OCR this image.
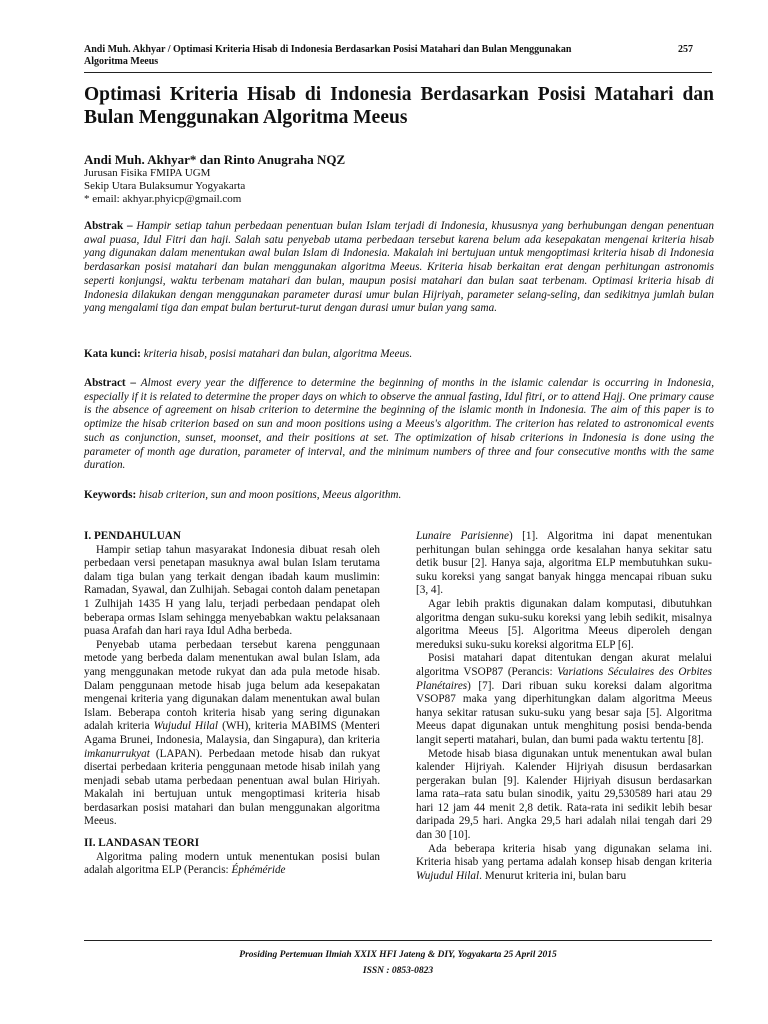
Andi Muh. Akhyar / Optimasi Kriteria Hisab di Indonesia Berdasarkan Posisi Matahari dan Bulan Menggunakan Algoritma Meeus
257
Optimasi Kriteria Hisab di Indonesia Berdasarkan Posisi Matahari dan Bulan Menggunakan Algoritma Meeus
Andi Muh. Akhyar* dan Rinto Anugraha NQZ
Jurusan Fisika FMIPA UGM
Sekip Utara Bulaksumur Yogyakarta
* email: akhyar.phyicp@gmail.com
Abstrak – Hampir setiap tahun perbedaan penentuan bulan Islam terjadi di Indonesia, khususnya yang berhubungan dengan penentuan awal puasa, Idul Fitri dan haji. Salah satu penyebab utama perbedaan tersebut karena belum ada kesepakatan mengenai kriteria hisab yang digunakan dalam menentukan awal bulan Islam di Indonesia. Makalah ini bertujuan untuk mengoptimasi kriteria hisab di Indonesia berdasarkan posisi matahari dan bulan menggunakan algoritma Meeus. Kriteria hisab berkaitan erat dengan perhitungan astronomis seperti konjungsi, waktu terbenam matahari dan bulan, maupun posisi matahari dan bulan saat terbenam. Optimasi kriteria hisab di Indonesia dilakukan dengan menggunakan parameter durasi umur bulan Hijriyah, parameter selang-seling, dan sedikitnya jumlah bulan yang mengalami tiga dan empat bulan berturut-turut dengan durasi umur bulan yang sama.
Kata kunci: kriteria hisab, posisi matahari dan bulan, algoritma Meeus.
Abstract – Almost every year the difference to determine the beginning of months in the islamic calendar is occurring in Indonesia, especially if it is related to determine the proper days on which to observe the annual fasting, Idul fitri, or to attend Hajj. One primary cause is the absence of agreement on hisab criterion to determine the beginning of the islamic month in Indonesia. The aim of this paper is to optimize the hisab criterion based on sun and moon positions using a Meeus's algorithm. The criterion has related to astronomical events such as conjunction, sunset, moonset, and their positions at set. The optimization of hisab criterions in Indonesia is done using the parameter of month age duration, parameter of interval, and the minimum numbers of three and four consecutive months with the same duration.
Keywords: hisab criterion, sun and moon positions, Meeus algorithm.
I. PENDAHULUAN

Hampir setiap tahun masyarakat Indonesia dibuat resah oleh perbedaan versi penetapan masuknya awal bulan Islam terutama dalam tiga bulan yang terkait dengan ibadah kaum muslimin: Ramadan, Syawal, dan Zulhijah. Sebagai contoh dalam penetapan 1 Zulhijah 1435 H yang lalu, terjadi perbedaan pendapat oleh beberapa ormas Islam sehingga menyebabkan waktu pelaksanaan puasa Arafah dan hari raya Idul Adha berbeda.

Penyebab utama perbedaan tersebut karena penggunaan metode yang berbeda dalam menentukan awal bulan Islam, ada yang menggunakan metode rukyat dan ada pula metode hisab. Dalam penggunaan metode hisab juga belum ada kesepakatan mengenai kriteria yang digunakan dalam menentukan awal bulan Islam. Beberapa contoh kriteria hisab yang sering digunakan adalah kriteria Wujudul Hilal (WH), kriteria MABIMS (Menteri Agama Brunei, Indonesia, Malaysia, dan Singapura), dan kriteria imkanurrukyat (LAPAN). Perbedaan metode hisab dan rukyat disertai perbedaan kriteria penggunaan metode hisab inilah yang menjadi sebab utama perbedaan penentuan awal bulan Hiriyah. Makalah ini bertujuan untuk mengoptimasi kriteria hisab berdasarkan posisi matahari dan bulan menggunakan algoritma Meeus.

II. LANDASAN TEORI

Algoritma paling modern untuk menentukan posisi bulan adalah algoritma ELP (Perancis: Éphéméride

Lunaire Parisienne) [1]. Algoritma ini dapat menentukan perhitungan bulan sehingga orde kesalahan hanya sekitar satu detik busur [2]. Hanya saja, algoritma ELP membutuhkan suku-suku koreksi yang sangat banyak hingga mencapai ribuan suku [3, 4].

Agar lebih praktis digunakan dalam komputasi, dibutuhkan algoritma dengan suku-suku koreksi yang lebih sedikit, misalnya algoritma Meeus [5]. Algoritma Meeus diperoleh dengan mereduksi suku-suku koreksi algoritma ELP [6].

Posisi matahari dapat ditentukan dengan akurat melalui algoritma VSOP87 (Perancis: Variations Séculaires des Orbites Planétaires) [7]. Dari ribuan suku koreksi dalam algoritma VSOP87 maka yang diperhitungkan dalam algoritma Meeus hanya sekitar ratusan suku-suku yang besar saja [5]. Algoritma Meeus dapat digunakan untuk menghitung posisi benda-benda langit seperti matahari, bulan, dan bumi pada waktu tertentu [8].

Metode hisab biasa digunakan untuk menentukan awal bulan kalender Hijriyah. Kalender Hijriyah disusun berdasarkan pergerakan bulan [9]. Kalender Hijriyah disusun berdasarkan lama rata–rata satu bulan sinodik, yaitu 29,530589 hari atau 29 hari 12 jam 44 menit 2,8 detik. Rata-rata ini sedikit lebih besar daripada 29,5 hari. Angka 29,5 hari adalah nilai tengah dari 29 dan 30 [10].

Ada beberapa kriteria hisab yang digunakan selama ini. Kriteria hisab yang pertama adalah konsep hisab dengan kriteria Wujudul Hilal. Menurut kriteria ini, bulan baru

Prosiding Pertemuan Ilmiah XXIX HFI Jateng & DIY, Yogyakarta 25 April 2015
ISSN : 0853-0823
